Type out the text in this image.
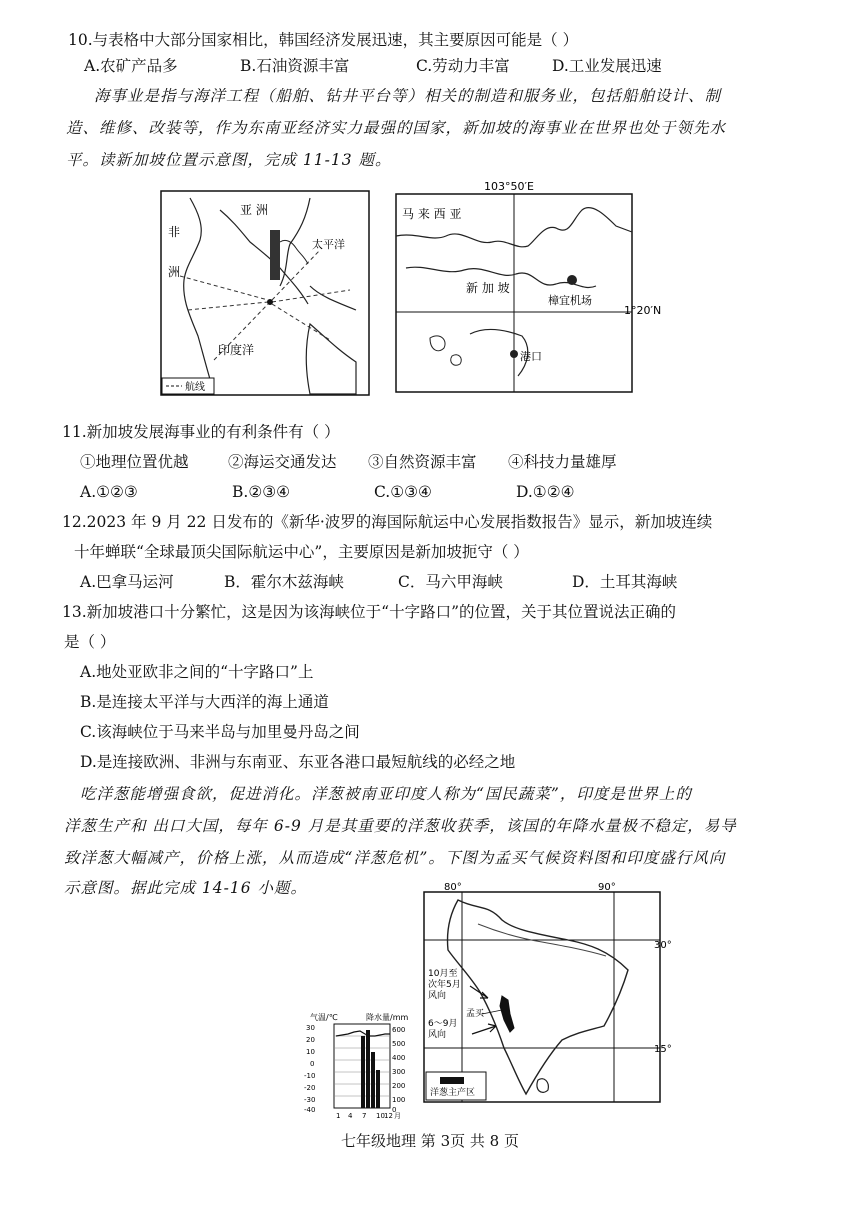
10.与表格中大部分国家相比，韩国经济发展迅速，其主要原因可能是（ ）
A.农矿产品多	B.石油资源丰富	C.劳动力丰富	D.工业发展迅速
海事业是指与海洋工程（船舶、钻井平台等）相关的制造和服务业，包括船舶设计、制
造、维修、改装等，作为东南亚经济实力最强的国家，新加坡的海事业在世界也处于领先水
平。读新加坡位置示意图，完成 11-13 题。
亚 洲
非
洲
太平洋
印度洋
航线
103°50′E
1°20′N
马 来 西 亚
新 加 坡
樟宜机场
港口
11.新加坡发展海事业的有利条件有（ ）
①地理位置优越	②海运交通发达 ③自然资源丰富 ④科技力量雄厚
A.①②③	B.②③④	C.①③④	D.①②④
12.2023 年 9 月 22 日发布的《新华·波罗的海国际航运中心发展指数报告》显示，新加坡连续
十年蝉联“全球最顶尖国际航运中心”，主要原因是新加坡扼守（ ）
A.巴拿马运河	B．霍尔木兹海峡	C．马六甲海峡	D．土耳其海峡
13.新加坡港口十分繁忙，这是因为该海峡位于“十字路口”的位置，关于其位置说法正确的
是（ ）
A.地处亚欧非之间的“十字路口”上
B.是连接太平洋与大西洋的海上通道
C.该海峡位于马来半岛与加里曼丹岛之间
D.是连接欧洲、非洲与东南亚、东亚各港口最短航线的必经之地
吃洋葱能增强食欲，促进消化。洋葱被南亚印度人称为“国民蔬菜”，印度是世界上的
洋葱生产和 出口大国，每年 6-9 月是其重要的洋葱收获季，该国的年降水量极不稳定，易导
致洋葱大幅减产，价格上涨，从而造成“洋葱危机”。下图为孟买气候资料图和印度盛行风向
示意图。据此完成 14-16 小题。
气温/℃	降水量/mm
30
20
10
0
-10
-20
-30
-40
600
500
400
300
200
100
0
1 4 7 10 12 月
80°	90°
30°
15°
10月至
次年5月
风向
6～9月
风向
孟买
洋葱主产区
七年级地理 第 3页 共 8 页
